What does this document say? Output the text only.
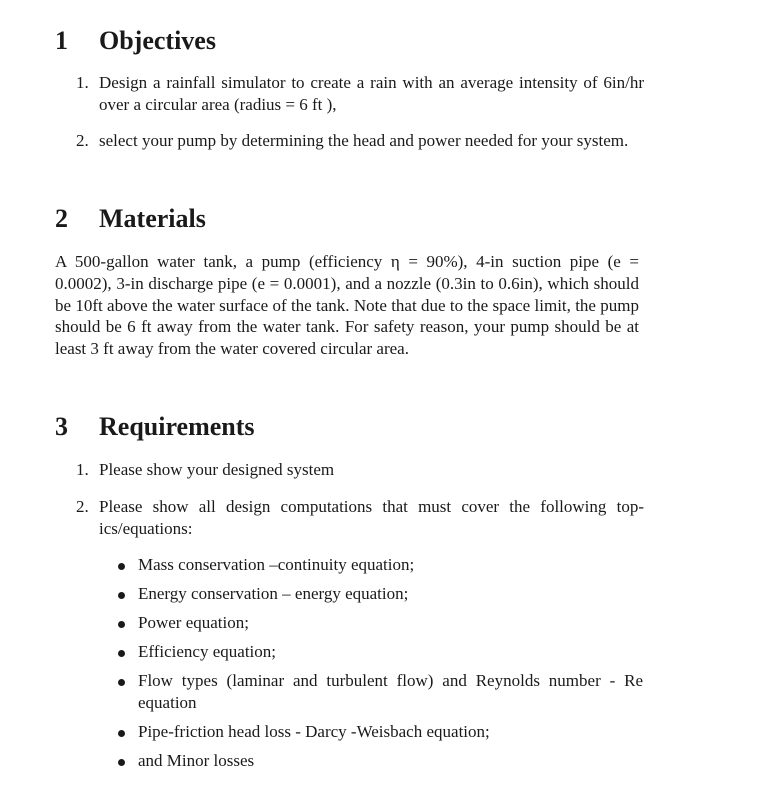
1 Objectives
1. Design a rainfall simulator to create a rain with an average intensity of 6in/hr over a circular area (radius = 6 ft ),
2. select your pump by determining the head and power needed for your system.
2 Materials
A 500-gallon water tank, a pump (efficiency η = 90%), 4-in suction pipe (e = 0.0002), 3-in discharge pipe (e = 0.0001), and a nozzle (0.3in to 0.6in), which should be 10ft above the water surface of the tank. Note that due to the space limit, the pump should be 6 ft away from the water tank. For safety reason, your pump should be at least 3 ft away from the water covered circular area.
3 Requirements
1. Please show your designed system
2. Please show all design computations that must cover the following top-ics/equations:
Mass conservation –continuity equation;
Energy conservation – energy equation;
Power equation;
Efficiency equation;
Flow types (laminar and turbulent flow) and Reynolds number - Re equation
Pipe-friction head loss - Darcy -Weisbach equation;
and Minor losses
